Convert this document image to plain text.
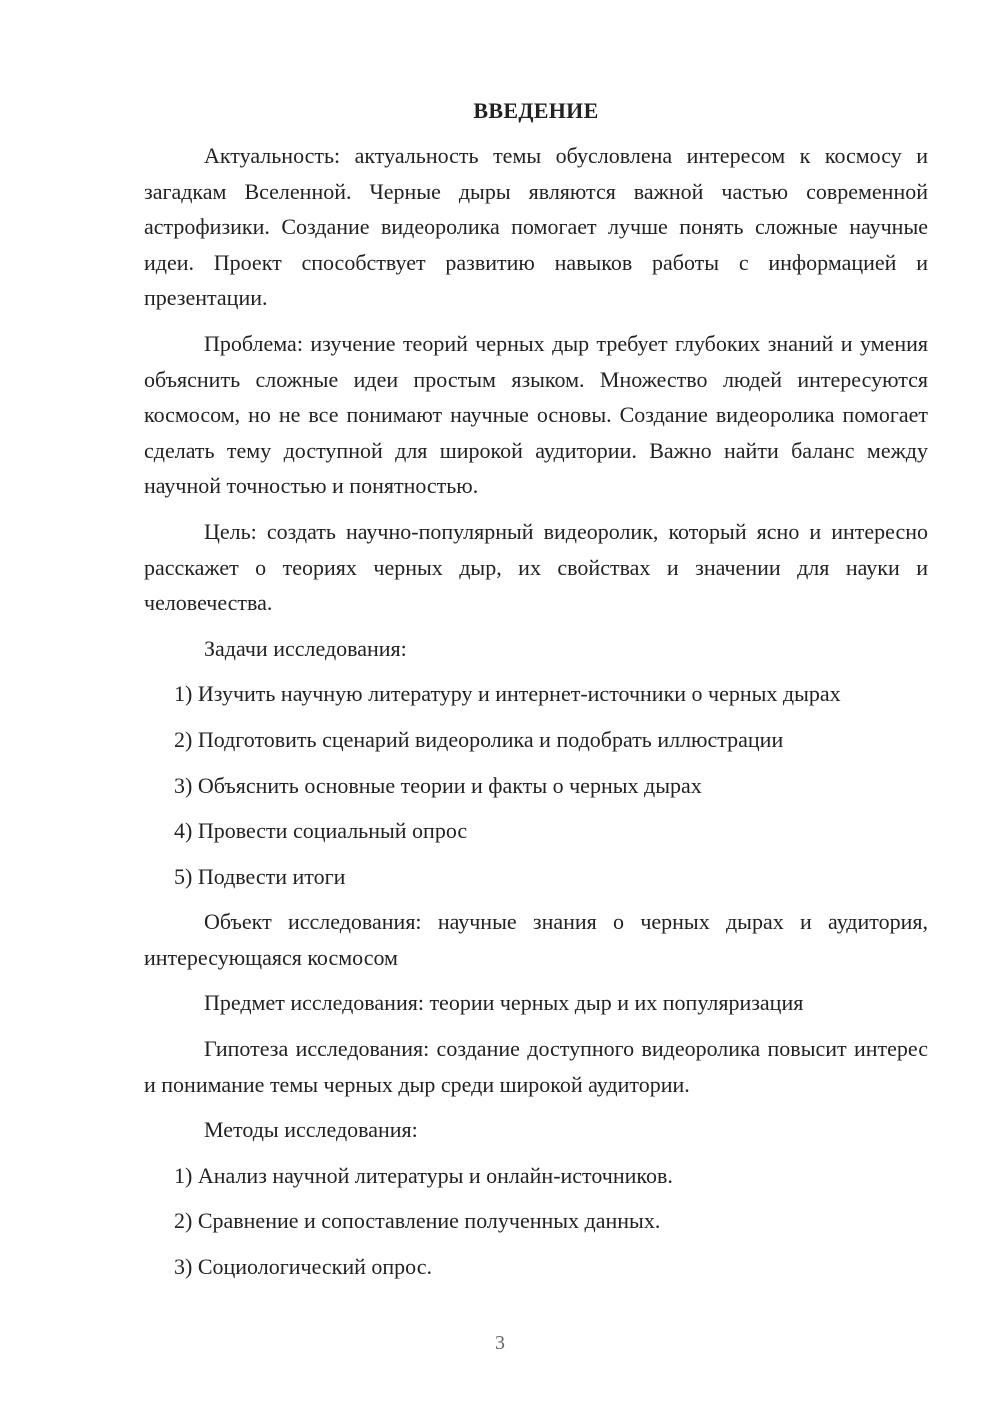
ВВЕДЕНИЕ

Актуальность: актуальность темы обусловлена интересом к космосу и загадкам Вселенной. Черные дыры являются важной частью современной астрофизики. Создание видеоролика помогает лучше понять сложные научные идеи. Проект способствует развитию навыков работы с информацией и презентации.

Проблема: изучение теорий черных дыр требует глубоких знаний и умения объяснить сложные идеи простым языком. Множество людей интересуются космосом, но не все понимают научные основы. Создание видеоролика помогает сделать тему доступной для широкой аудитории. Важно найти баланс между научной точностью и понятностью.

Цель: создать научно-популярный видеоролик, который ясно и интересно расскажет о теориях черных дыр, их свойствах и значении для науки и человечества.

Задачи исследования:

1) Изучить научную литературу и интернет-источники о черных дырах
2) Подготовить сценарий видеоролика и подобрать иллюстрации
3) Объяснить основные теории и факты о черных дырах
4) Провести социальный опрос
5) Подвести итоги

Объект исследования: научные знания о черных дырах и аудитория, интересующаяся космосом

Предмет исследования: теории черных дыр и их популяризация

Гипотеза исследования: создание доступного видеоролика повысит интерес и понимание темы черных дыр среди широкой аудитории.

Методы исследования:

1) Анализ научной литературы и онлайн-источников.
2) Сравнение и сопоставление полученных данных.
3) Социологический опрос.
3
